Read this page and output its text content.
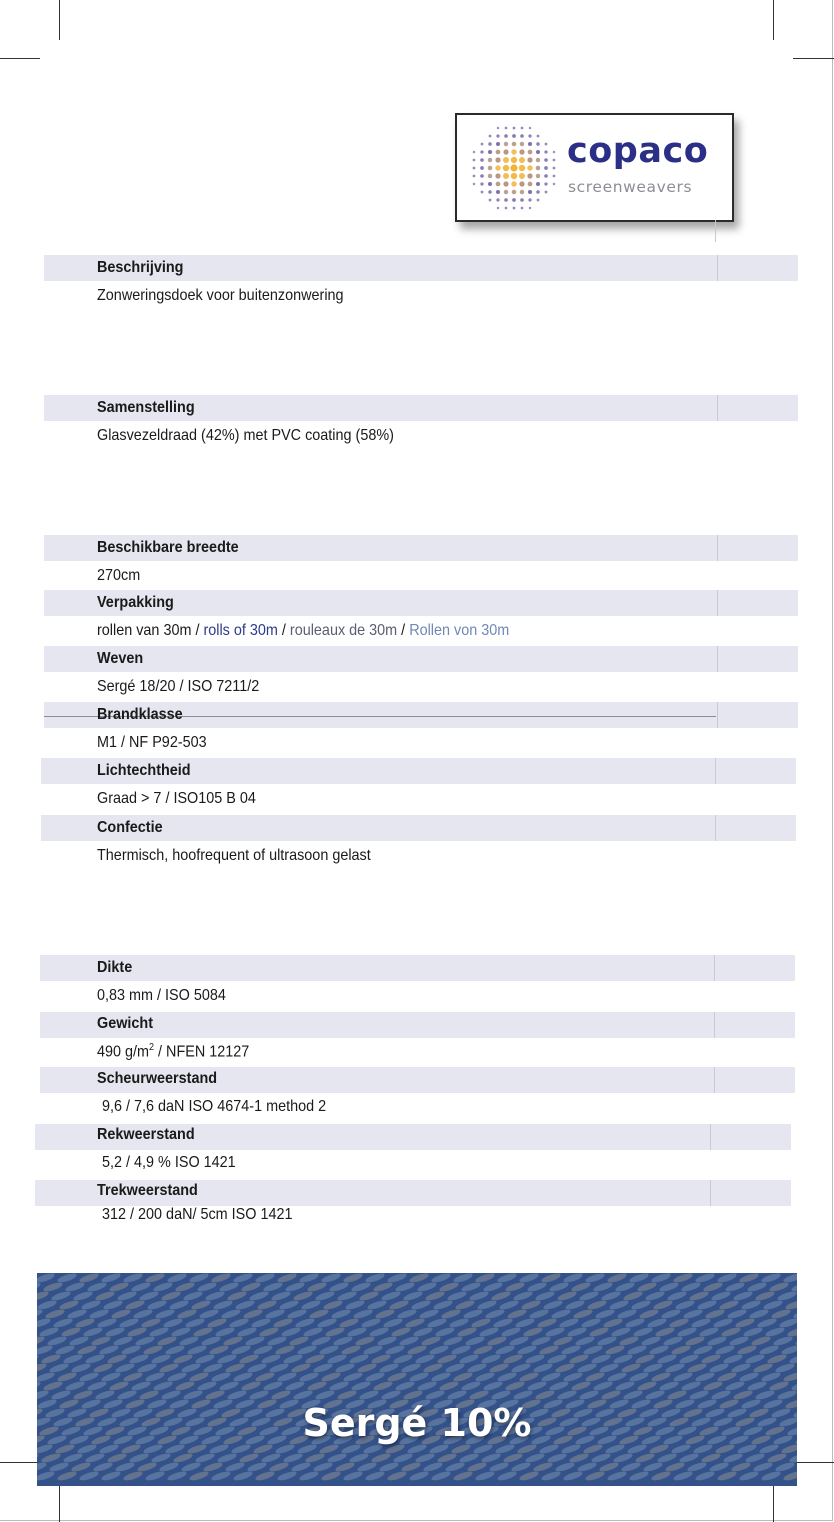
copaco
screenweavers
Beschrijving
Zonweringsdoek voor buitenzonwering
Samenstelling
Glasvezeldraad (42%) met PVC coating (58%)
Beschikbare breedte
270cm
Verpakking
rollen van 30m / rolls of 30m / rouleaux de 30m / Rollen von 30m
Weven
Sergé 18/20 / ISO 7211/2
Brandklasse
M1 / NF P92-503
Lichtechtheid
Graad > 7 / ISO105 B 04
Confectie
Thermisch, hoofrequent of ultrasoon gelast
Dikte
0,83 mm / ISO 5084
Gewicht
490 $g/m^2$ / NFEN 12127
Scheurweerstand
9,6 / 7,6 daN ISO 4674-1 method 2
Rekweerstand
5,2 / 4,9 % ISO 1421
Trekweerstand
312 / 200 daN/ 5cm ISO 1421
Sergé 10%
